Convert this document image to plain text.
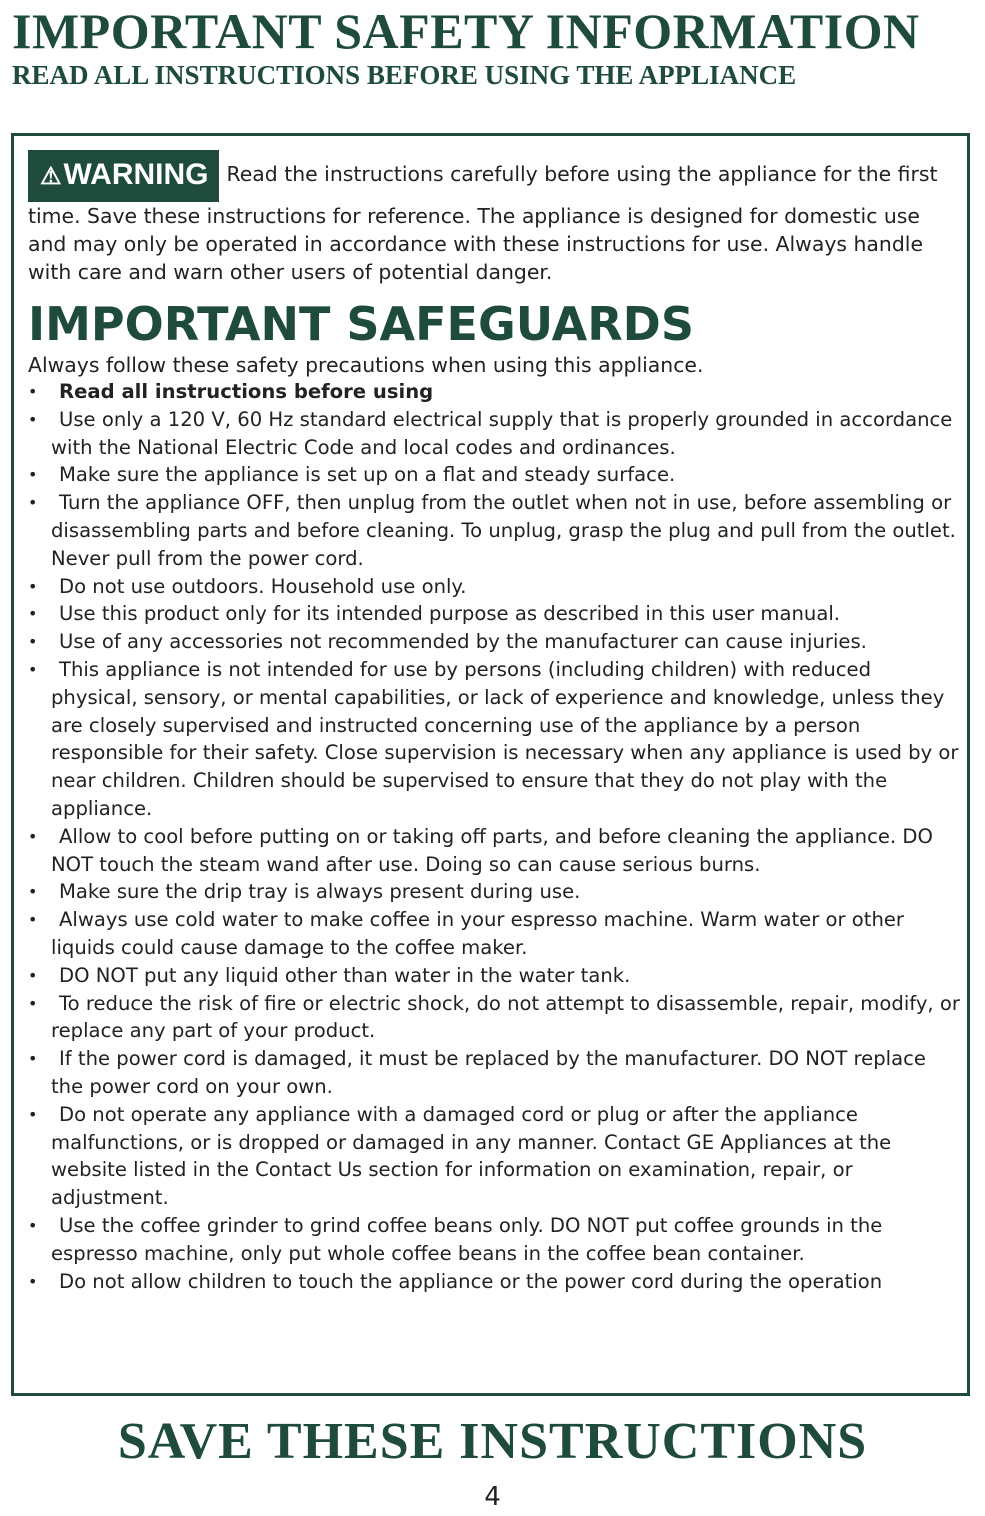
IMPORTANT SAFETY INFORMATION
READ ALL INSTRUCTIONS BEFORE USING THE APPLIANCE

⚠WARNING Read the instructions carefully before using the appliance for the first time. Save these instructions for reference. The appliance is designed for domestic use and may only be operated in accordance with these instructions for use. Always handle with care and warn other users of potential danger.

IMPORTANT SAFEGUARDS

Always follow these safety precautions when using this appliance.

• Read all instructions before using
• Use only a 120 V, 60 Hz standard electrical supply that is properly grounded in accordance with the National Electric Code and local codes and ordinances.
• Make sure the appliance is set up on a flat and steady surface.
• Turn the appliance OFF, then unplug from the outlet when not in use, before assembling or disassembling parts and before cleaning. To unplug, grasp the plug and pull from the outlet. Never pull from the power cord.
• Do not use outdoors. Household use only.
• Use this product only for its intended purpose as described in this user manual.
• Use of any accessories not recommended by the manufacturer can cause injuries.
• This appliance is not intended for use by persons (including children) with reduced physical, sensory, or mental capabilities, or lack of experience and knowledge, unless they are closely supervised and instructed concerning use of the appliance by a person responsible for their safety. Close supervision is necessary when any appliance is used by or near children. Children should be supervised to ensure that they do not play with the appliance.
• Allow to cool before putting on or taking off parts, and before cleaning the appliance. DO NOT touch the steam wand after use. Doing so can cause serious burns.
• Make sure the drip tray is always present during use.
• Always use cold water to make coffee in your espresso machine. Warm water or other liquids could cause damage to the coffee maker.
• DO NOT put any liquid other than water in the water tank.
• To reduce the risk of fire or electric shock, do not attempt to disassemble, repair, modify, or replace any part of your product.
• If the power cord is damaged, it must be replaced by the manufacturer. DO NOT replace the power cord on your own.
• Do not operate any appliance with a damaged cord or plug or after the appliance malfunctions, or is dropped or damaged in any manner. Contact GE Appliances at the website listed in the Contact Us section for information on examination, repair, or adjustment.
• Use the coffee grinder to grind coffee beans only. DO NOT put coffee grounds in the espresso machine, only put whole coffee beans in the coffee bean container.
• Do not allow children to touch the appliance or the power cord during the operation
SAVE THESE INSTRUCTIONS
4
